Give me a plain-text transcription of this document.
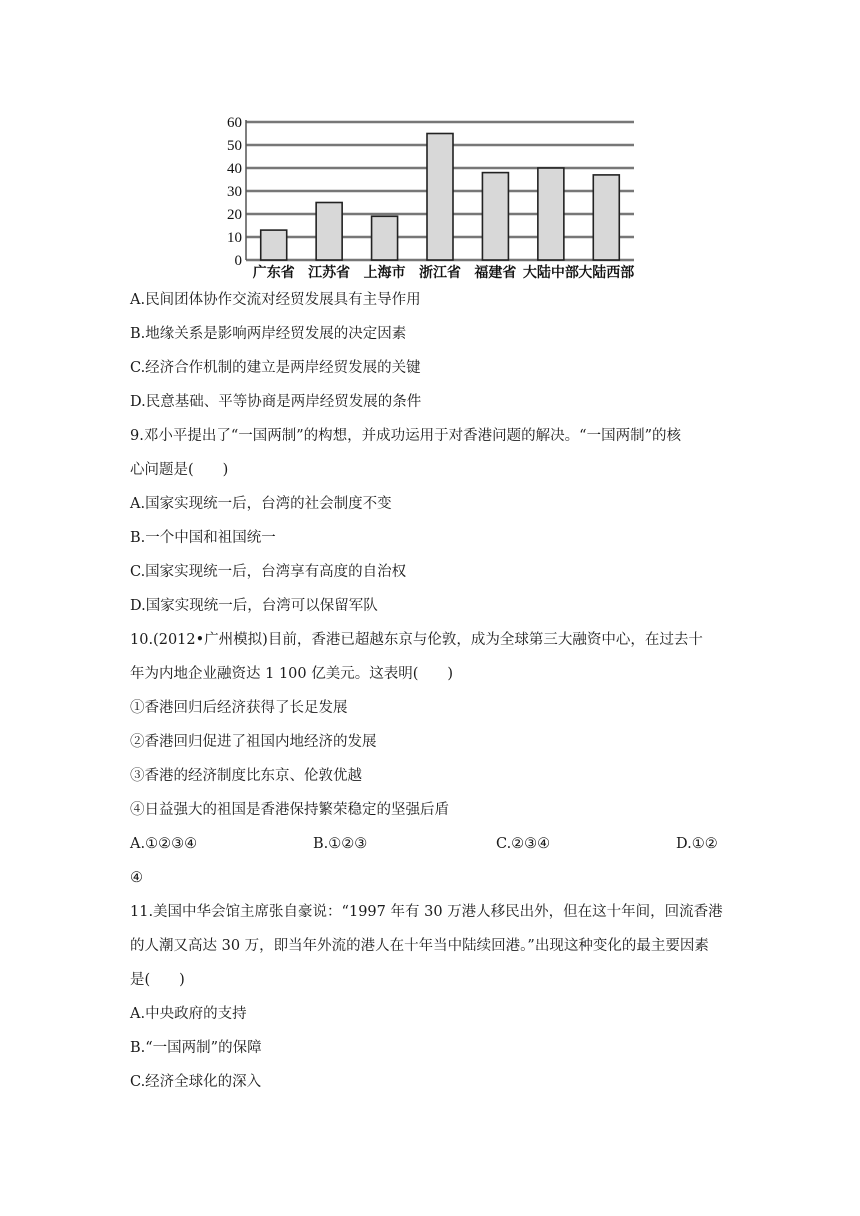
0
10
20
30
40
50
60
广东省 江苏省 上海市 浙江省 福建省 大陆中部 大陆西部
A.民间团体协作交流对经贸发展具有主导作用
B.地缘关系是影响两岸经贸发展的决定因素
C.经济合作机制的建立是两岸经贸发展的关键
D.民意基础、平等协商是两岸经贸发展的条件
9.邓小平提出了“一国两制”的构想，并成功运用于对香港问题的解决。“一国两制”的核
心问题是(　　)
A.国家实现统一后，台湾的社会制度不变
B.一个中国和祖国统一
C.国家实现统一后，台湾享有高度的自治权
D.国家实现统一后，台湾可以保留军队
10.(2012•广州模拟)目前，香港已超越东京与伦敦，成为全球第三大融资中心，在过去十
年为内地企业融资达 1 100 亿美元。这表明(　　)
①香港回归后经济获得了长足发展
②香港回归促进了祖国内地经济的发展
③香港的经济制度比东京、伦敦优越
④日益强大的祖国是香港保持繁荣稳定的坚强后盾
A.①②③④	B.①②③	C.②③④	D.①②
④
11.美国中华会馆主席张自豪说：“1997 年有 30 万港人移民出外，但在这十年间，回流香港
的人潮又高达 30 万，即当年外流的港人在十年当中陆续回港。”出现这种变化的最主要因素
是(　　)
A.中央政府的支持
B.“一国两制”的保障
C.经济全球化的深入
